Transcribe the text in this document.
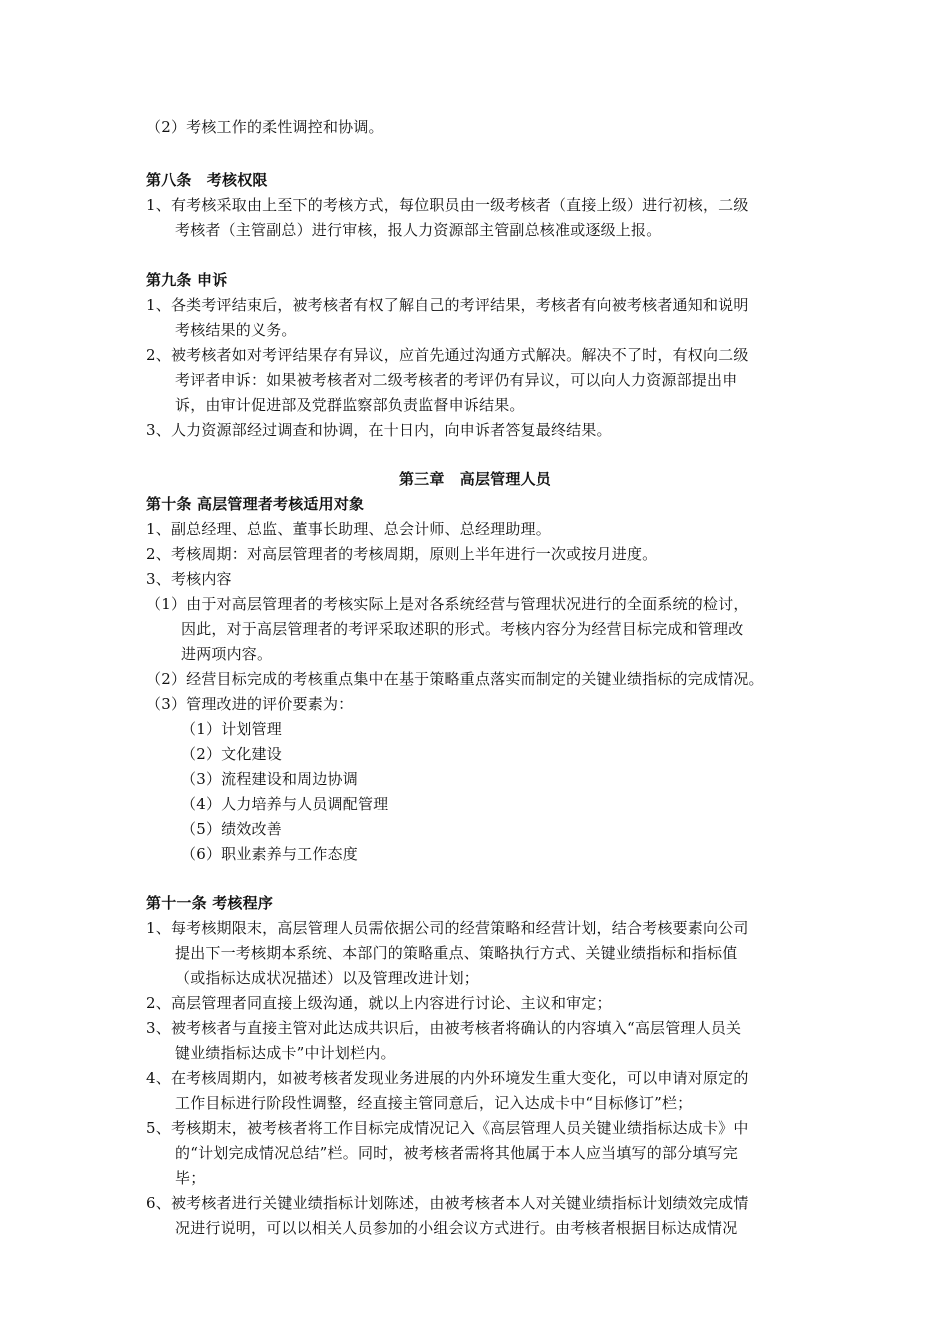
（2）考核工作的柔性调控和协调。
第八条　考核权限
1、有考核采取由上至下的考核方式，每位职员由一级考核者（直接上级）进行初核，二级
考核者（主管副总）进行审核，报人力资源部主管副总核准或逐级上报。
第九条 申诉
1、各类考评结束后，被考核者有权了解自己的考评结果，考核者有向被考核者通知和说明
考核结果的义务。
2、被考核者如对考评结果存有异议，应首先通过沟通方式解决。解决不了时，有权向二级
考评者申诉：如果被考核者对二级考核者的考评仍有异议，可以向人力资源部提出申
诉，由审计促进部及党群监察部负责监督申诉结果。
3、人力资源部经过调查和协调，在十日内，向申诉者答复最终结果。
第三章　高层管理人员
第十条 高层管理者考核适用对象
1、副总经理、总监、董事长助理、总会计师、总经理助理。
2、考核周期：对高层管理者的考核周期，原则上半年进行一次或按月进度。
3、考核内容
（1）由于对高层管理者的考核实际上是对各系统经营与管理状况进行的全面系统的检讨，
因此，对于高层管理者的考评采取述职的形式。考核内容分为经营目标完成和管理改
进两项内容。
（2）经营目标完成的考核重点集中在基于策略重点落实而制定的关键业绩指标的完成情况。
（3）管理改进的评价要素为：
（1）计划管理
（2）文化建设
（3）流程建设和周边协调
（4）人力培养与人员调配管理
（5）绩效改善
（6）职业素养与工作态度
第十一条 考核程序
1、每考核期限末，高层管理人员需依据公司的经营策略和经营计划，结合考核要素向公司
提出下一考核期本系统、本部门的策略重点、策略执行方式、关键业绩指标和指标值
（或指标达成状况描述）以及管理改进计划；
2、高层管理者同直接上级沟通，就以上内容进行讨论、主议和审定；
3、被考核者与直接主管对此达成共识后，由被考核者将确认的内容填入“高层管理人员关
键业绩指标达成卡”中计划栏内。
4、在考核周期内，如被考核者发现业务进展的内外环境发生重大变化，可以申请对原定的
工作目标进行阶段性调整，经直接主管同意后，记入达成卡中“目标修订”栏；
5、考核期末，被考核者将工作目标完成情况记入《高层管理人员关键业绩指标达成卡》中
的“计划完成情况总结”栏。同时，被考核者需将其他属于本人应当填写的部分填写完
毕；
6、被考核者进行关键业绩指标计划陈述，由被考核者本人对关键业绩指标计划绩效完成情
况进行说明，可以以相关人员参加的小组会议方式进行。由考核者根据目标达成情况
